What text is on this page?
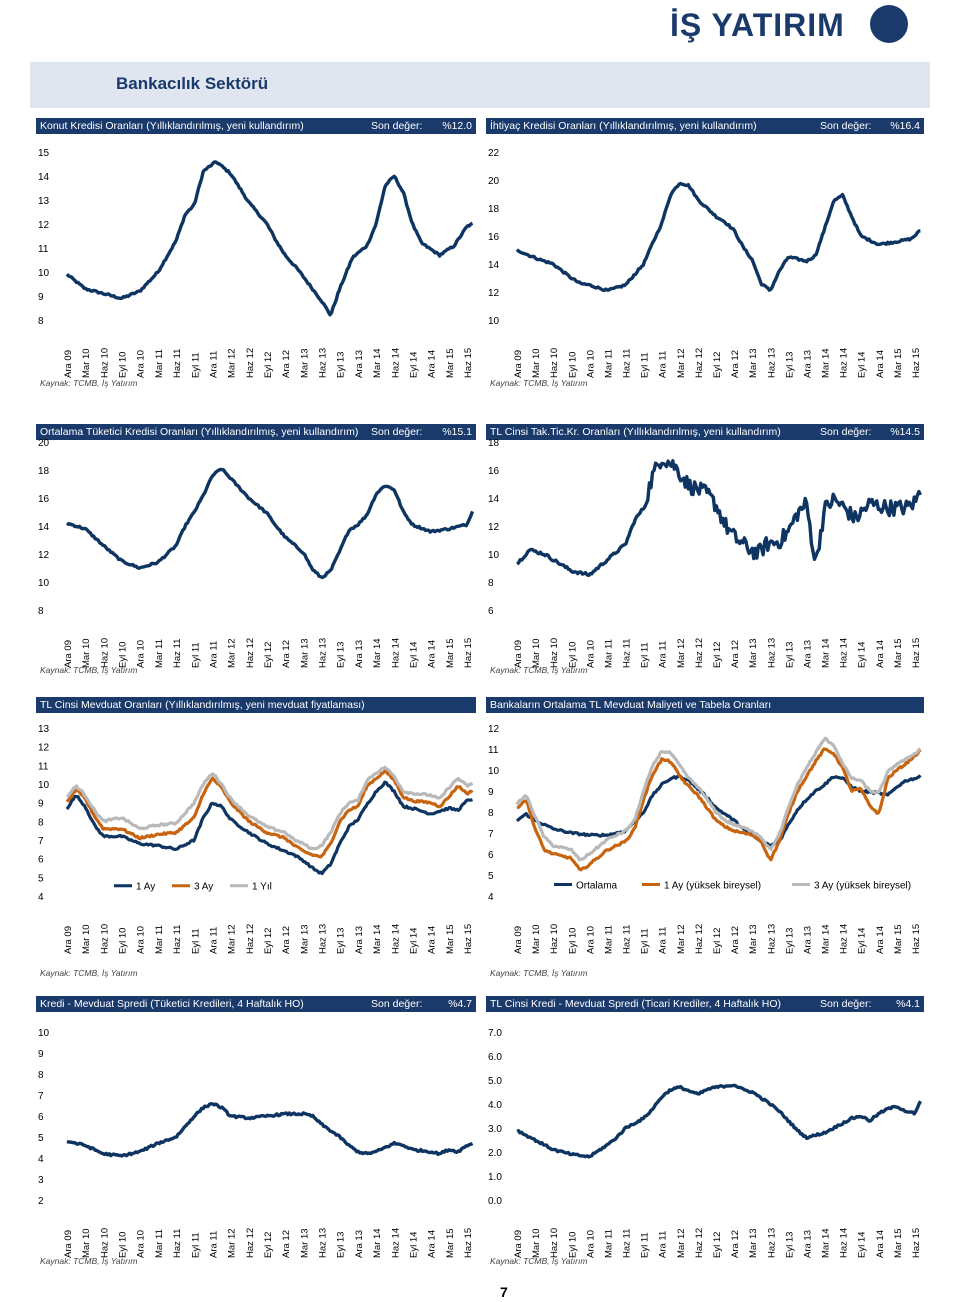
İŞ YATIRIM
Bankacılık Sektörü
Konut Kredisi Oranları (Yıllıklandırılmış, yeni kullandırım)	Son değer: %12.0
8
9
10
11
12
13
14
15
Ara 09 Mar 10 Haz 10 Eyl 10 Ara 10 Mar 11 Haz 11 Eyl 11 Ara 11 Mar 12 Haz 12 Eyl 12 Ara 12 Mar 13 Haz 13 Eyl 13 Ara 13 Mar 14 Haz 14 Eyl 14 Ara 14 Mar 15 Haz 15
Kaynak: TCMB, İş Yatırım
İhtiyaç Kredisi Oranları (Yıllıklandırılmış, yeni kullandırım)	Son değer: %16.4
10
12
14
16
18
20
22
Ara 09 Mar 10 Haz 10 Eyl 10 Ara 10 Mar 11 Haz 11 Eyl 11 Ara 11 Mar 12 Haz 12 Eyl 12 Ara 12 Mar 13 Haz 13 Eyl 13 Ara 13 Mar 14 Haz 14 Eyl 14 Ara 14 Mar 15 Haz 15
Kaynak: TCMB, İş Yatırım
Ortalama Tüketici Kredisi Oranları (Yıllıklandırılmış, yeni kullandırım) Son değer: %15.1
8
10
12
14
16
18
20
Ara 09 Mar 10 Haz 10 Eyl 10 Ara 10 Mar 11 Haz 11 Eyl 11 Ara 11 Mar 12 Haz 12 Eyl 12 Ara 12 Mar 13 Haz 13 Eyl 13 Ara 13 Mar 14 Haz 14 Eyl 14 Ara 14 Mar 15 Haz 15
Kaynak: TCMB, İş Yatırım
TL Cinsi Tak.Tic.Kr. Oranları (Yıllıklandırılmış, yeni kullandırım)	Son değer: %14.5
6
8
10
12
14
16
18
Ara 09 Mar 10 Haz 10 Eyl 10 Ara 10 Mar 11 Haz 11 Eyl 11 Ara 11 Mar 12 Haz 12 Eyl 12 Ara 12 Mar 13 Haz 13 Eyl 13 Ara 13 Mar 14 Haz 14 Eyl 14 Ara 14 Mar 15 Haz 15
Kaynak: TCMB, İş Yatırım
TL Cinsi Mevduat Oranları (Yıllıklandırılmış, yeni mevduat fiyatlaması)
4
5
6
7
8
9
10
11
12
13
Ara 09 Mar 10 Haz 10 Eyl 10 Ara 10 Mar 11 Haz 11 Eyl 11 Ara 11 Mar 12 Haz 12 Eyl 12 Ara 12 Mar 13 Haz 13 Eyl 13 Ara 13 Mar 14 Haz 14 Eyl 14 Ara 14 Mar 15 Haz 15
1 Ay	3 Ay	1 Yıl
Kaynak: TCMB, İş Yatırım
Bankaların Ortalama TL Mevduat Maliyeti ve Tabela Oranları
4
5
6
7
8
9
10
11
12
Ara 09 Mar 10 Haz 10 Eyl 10 Ara 10 Mar 11 Haz 11 Eyl 11 Ara 11 Mar 12 Haz 12 Eyl 12 Ara 12 Mar 13 Haz 13 Eyl 13 Ara 13 Mar 14 Haz 14 Eyl 14 Ara 14 Mar 15 Haz 15
Ortalama	1 Ay (yüksek bireysel)	3 Ay (yüksek bireysel)
Kaynak: TCMB, İş Yatırım
Kredi - Mevduat Spredi (Tüketici Kredileri, 4 Haftalık HO)	Son değer: %4.7
2
3
4
5
6
7
8
9
10
Ara 09 Mar 10 Haz 10 Eyl 10 Ara 10 Mar 11 Haz 11 Eyl 11 Ara 11 Mar 12 Haz 12 Eyl 12 Ara 12 Mar 13 Haz 13 Eyl 13 Ara 13 Mar 14 Haz 14 Eyl 14 Ara 14 Mar 15 Haz 15
Kaynak: TCMB, İş Yatırım
TL Cinsi Kredi - Mevduat Spredi (Ticari Krediler, 4 Haftalık HO)	Son değer: %4.1
0.0
1.0
2.0
3.0
4.0
5.0
6.0
7.0
Ara 09 Mar 10 Haz 10 Eyl 10 Ara 10 Mar 11 Haz 11 Eyl 11 Ara 11 Mar 12 Haz 12 Eyl 12 Ara 12 Mar 13 Haz 13 Eyl 13 Ara 13 Mar 14 Haz 14 Eyl 14 Ara 14 Mar 15 Haz 15
Kaynak: TCMB, İş Yatırım
7
